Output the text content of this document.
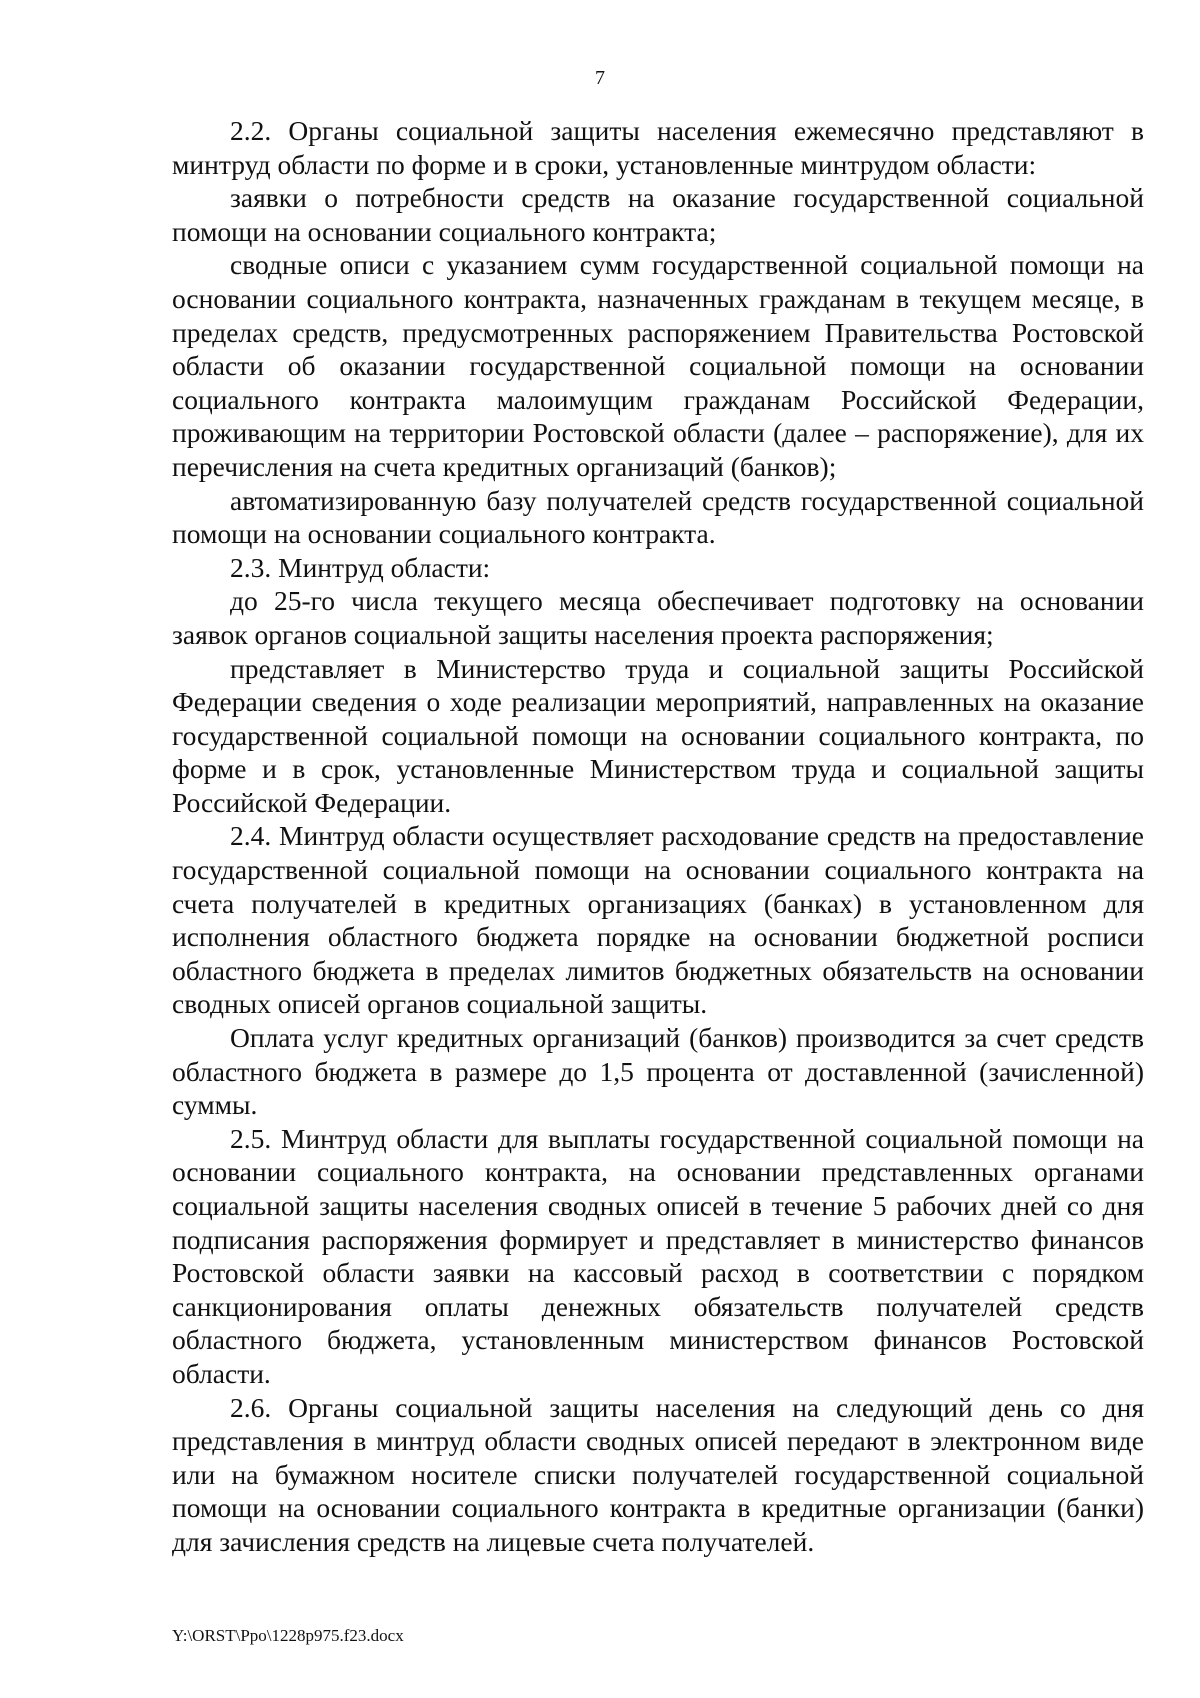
7

2.2. Органы социальной защиты населения ежемесячно представляют в минтруд области по форме и в сроки, установленные минтрудом области:

заявки о потребности средств на оказание государственной социальной помощи на основании социального контракта;

сводные описи с указанием сумм государственной социальной помощи на основании социального контракта, назначенных гражданам в текущем месяце, в пределах средств, предусмотренных распоряжением Правительства Ростовской области об оказании государственной социальной помощи на основании социального контракта малоимущим гражданам Российской Федерации, проживающим на территории Ростовской области (далее – распоряжение), для их перечисления на счета кредитных организаций (банков);

автоматизированную базу получателей средств государственной социальной помощи на основании социального контракта.

2.3. Минтруд области:

до 25-го числа текущего месяца обеспечивает подготовку на основании заявок органов социальной защиты населения проекта распоряжения;

представляет в Министерство труда и социальной защиты Российской Федерации сведения о ходе реализации мероприятий, направленных на оказание государственной социальной помощи на основании социального контракта, по форме и в срок, установленные Министерством труда и социальной защиты Российской Федерации.

2.4. Минтруд области осуществляет расходование средств на предоставление государственной социальной помощи на основании социального контракта на счета получателей в кредитных организациях (банках) в установленном для исполнения областного бюджета порядке на основании бюджетной росписи областного бюджета в пределах лимитов бюджетных обязательств на основании сводных описей органов социальной защиты.

Оплата услуг кредитных организаций (банков) производится за счет средств областного бюджета в размере до 1,5 процента от доставленной (зачисленной) суммы.

2.5. Минтруд области для выплаты государственной социальной помощи на основании социального контракта, на основании представленных органами социальной защиты населения сводных описей в течение 5 рабочих дней со дня подписания распоряжения формирует и представляет в министерство финансов Ростовской области заявки на кассовый расход в соответствии с порядком санкционирования оплаты денежных обязательств получателей средств областного бюджета, установленным министерством финансов Ростовской области.

2.6. Органы социальной защиты населения на следующий день со дня представления в минтруд области сводных описей передают в электронном виде или на бумажном носителе списки получателей государственной социальной помощи на основании социального контракта в кредитные организации (банки) для зачисления средств на лицевые счета получателей.

Y:\ORST\Ppo\1228p975.f23.docx
